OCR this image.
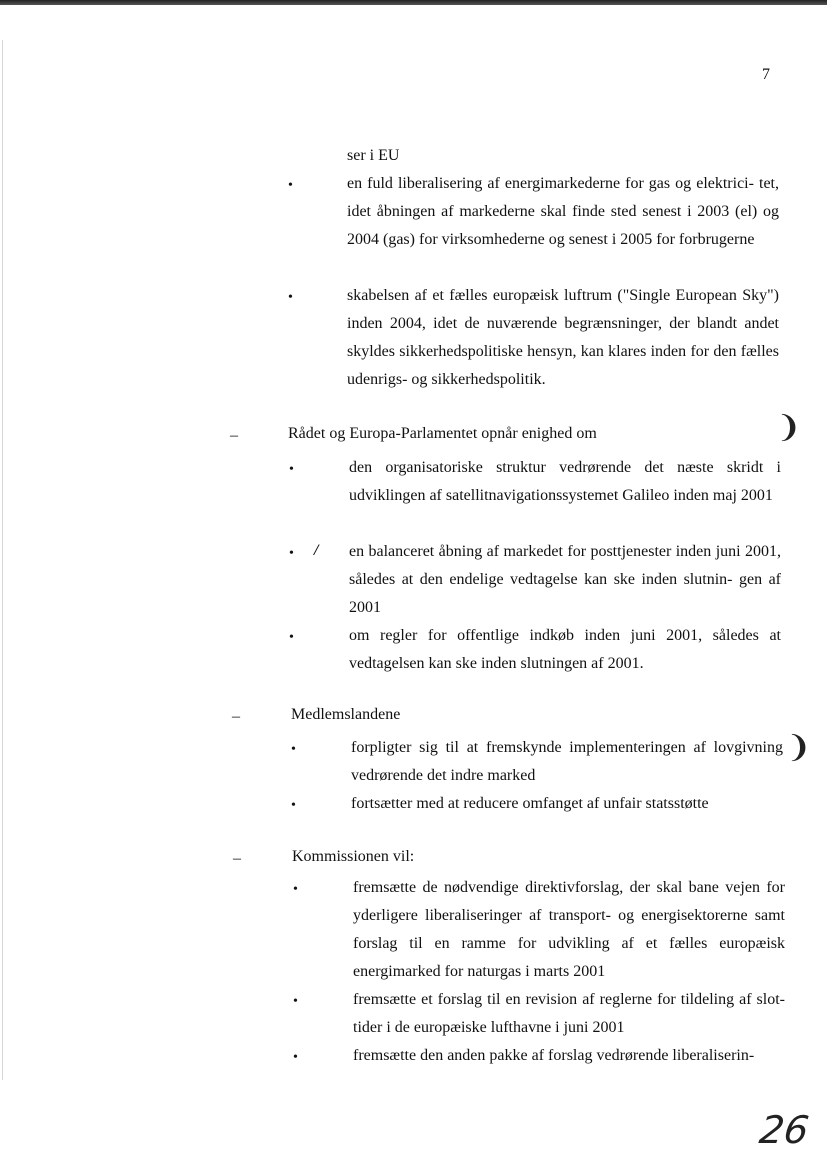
7
ser i EU
•	en fuld liberalisering af energimarkederne for gas og elektrici- tet, idet åbningen af markederne skal finde sted senest i 2003 (el) og 2004 (gas) for virksomhederne og senest i 2005 for forbrugerne
•	skabelsen af et fælles europæisk luftrum ("Single European Sky") inden 2004, idet de nuværende begrænsninger, der blandt andet skyldes sikkerhedspolitiske hensyn, kan klares inden for den fælles udenrigs- og sikkerhedspolitik.
–	Rådet og Europa-Parlamentet opnår enighed om	❩
•	den organisatoriske struktur vedrørende det næste skridt i udviklingen af satellitnavigationssystemet Galileo inden maj 2001
• / en balanceret åbning af markedet for posttjenester inden juni 2001, således at den endelige vedtagelse kan ske inden slutnin- gen af 2001
•	om regler for offentlige indkøb inden juni 2001, således at vedtagelsen kan ske inden slutningen af 2001.
–	Medlemslandene
❩
•	forpligter sig til at fremskynde implementeringen af lovgivning vedrørende det indre marked
•	fortsætter med at reducere omfanget af unfair statsstøtte
–	Kommissionen vil:
•	fremsætte de nødvendige direktivforslag, der skal bane vejen for yderligere liberaliseringer af transport- og energisektorerne samt forslag til en ramme for udvikling af et fælles europæisk energimarked for naturgas i marts 2001
•	fremsætte et forslag til en revision af reglerne for tildeling af slot-tider i de europæiske lufthavne i juni 2001
•	fremsætte den anden pakke af forslag vedrørende liberaliserin-
26
